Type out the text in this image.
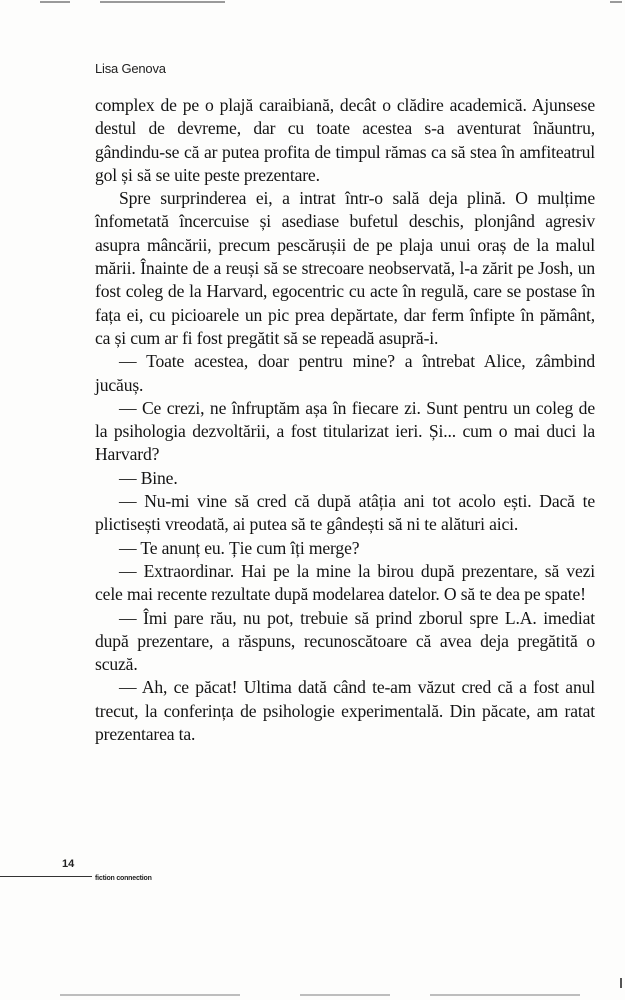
Lisa Genova

complex de pe o plajă caraibiană, decât o clădire academică. Ajunsese destul de devreme, dar cu toate acestea s-a aventurat înăuntru, gândindu-se că ar putea profita de timpul rămas ca să stea în amfiteatrul gol și să se uite peste prezentare.

Spre surprinderea ei, a intrat într-o sală deja plină. O mulțime înfometată încercuise și asediase bufetul deschis, plonjând agresiv asupra mâncării, precum pescărușii de pe plaja unui oraș de la malul mării. Înainte de a reuși să se strecoare neobservată, l-a zărit pe Josh, un fost coleg de la Harvard, egocentric cu acte în regulă, care se postase în fața ei, cu picioarele un pic prea depărtate, dar ferm înfipte în pământ, ca și cum ar fi fost pregătit să se repeadă asupră-i.

— Toate acestea, doar pentru mine? a întrebat Alice, zâmbind jucăuș.

— Ce crezi, ne înfruptăm așa în fiecare zi. Sunt pentru un coleg de la psihologia dezvoltării, a fost titularizat ieri. Și... cum o mai duci la Harvard?

— Bine.

— Nu-mi vine să cred că după atâția ani tot acolo ești. Dacă te plictisești vreodată, ai putea să te gândești să ni te alături aici.

— Te anunț eu. Ție cum îți merge?

— Extraordinar. Hai pe la mine la birou după prezentare, să vezi cele mai recente rezultate după modelarea datelor. O să te dea pe spate!

— Îmi pare rău, nu pot, trebuie să prind zborul spre L.A. imediat după prezentare, a răspuns, recunoscătoare că avea deja pregătită o scuză.

— Ah, ce păcat! Ultima dată când te-am văzut cred că a fost anul trecut, la conferința de psihologie experimentală. Din păcate, am ratat prezentarea ta.

14
fiction connection
